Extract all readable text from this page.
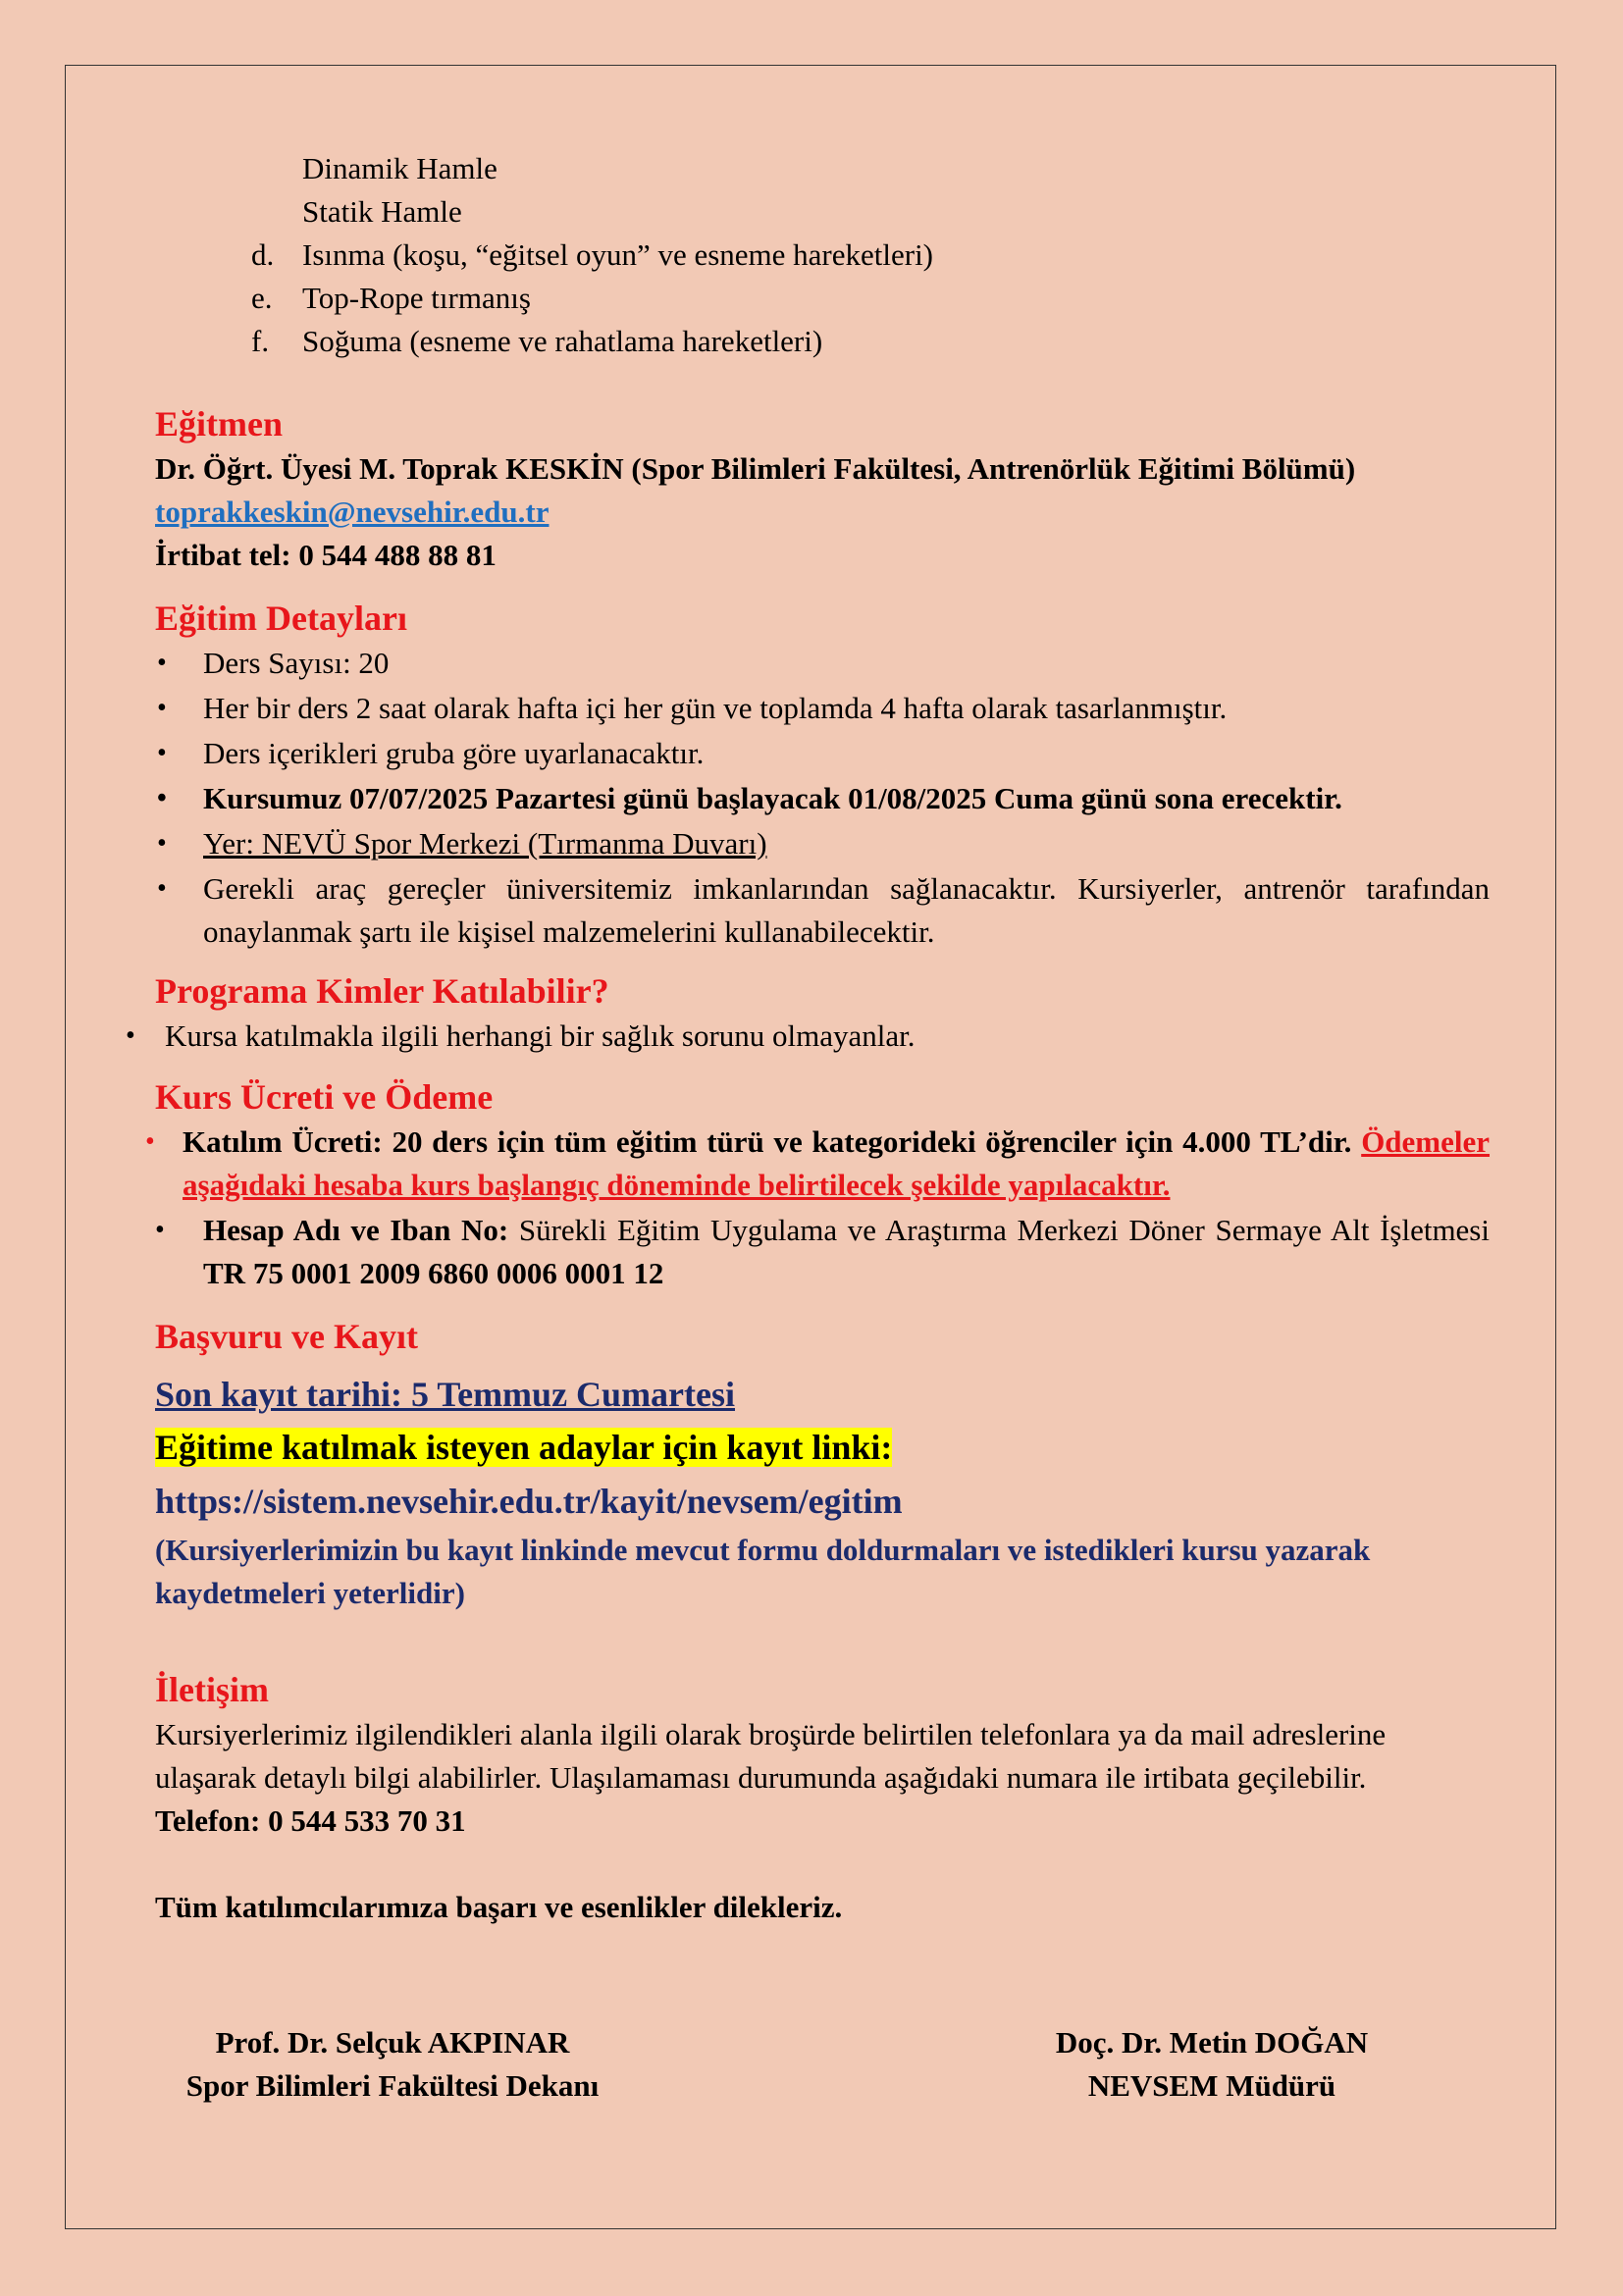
Dinamik Hamle
Statik Hamle
d. Isınma (koşu, “eğitsel oyun” ve esneme hareketleri)
e. Top-Rope tırmanış
f. Soğuma (esneme ve rahatlama hareketleri)
Eğitmen
Dr. Öğrt. Üyesi M. Toprak KESKİN (Spor Bilimleri Fakültesi, Antrenörlük Eğitimi Bölümü)
toprakkeskin@nevsehir.edu.tr
İrtibat tel: 0 544 488 88 81
Eğitim Detayları
• Ders Sayısı: 20
• Her bir ders 2 saat olarak hafta içi her gün ve toplamda 4 hafta olarak tasarlanmıştır.
• Ders içerikleri gruba göre uyarlanacaktır.
• Kursumuz 07/07/2025 Pazartesi günü başlayacak 01/08/2025 Cuma günü sona erecektir.
• Yer: NEVÜ Spor Merkezi (Tırmanma Duvarı)
• Gerekli araç gereçler üniversitemiz imkanlarından sağlanacaktır. Kursiyerler, antrenör tarafından onaylanmak şartı ile kişisel malzemelerini kullanabilecektir.
Programa Kimler Katılabilir?
• Kursa katılmakla ilgili herhangi bir sağlık sorunu olmayanlar.
Kurs Ücreti ve Ödeme
• Katılım Ücreti: 20 ders için tüm eğitim türü ve kategorideki öğrenciler için 4.000 TL’dir. Ödemeler aşağıdaki hesaba kurs başlangıç döneminde belirtilecek şekilde yapılacaktır.
• Hesap Adı ve Iban No: Sürekli Eğitim Uygulama ve Araştırma Merkezi Döner Sermaye Alt İşletmesi TR 75 0001 2009 6860 0006 0001 12
Başvuru ve Kayıt
Son kayıt tarihi: 5 Temmuz Cumartesi
Eğitime katılmak isteyen adaylar için kayıt linki:
https://sistem.nevsehir.edu.tr/kayit/nevsem/egitim
(Kursiyerlerimizin bu kayıt linkinde mevcut formu doldurmaları ve istedikleri kursu yazarak kaydetmeleri yeterlidir)
İletişim
Kursiyerlerimiz ilgilendikleri alanla ilgili olarak broşürde belirtilen telefonlara ya da mail adreslerine ulaşarak detaylı bilgi alabilirler. Ulaşılamaması durumunda aşağıdaki numara ile irtibata geçilebilir.
Telefon: 0 544 533 70 31
Tüm katılımcılarımıza başarı ve esenlikler dilekleriz.
Prof. Dr. Selçuk AKPINAR
Spor Bilimleri Fakültesi Dekanı
Doç. Dr. Metin DOĞAN
NEVSEM Müdürü
